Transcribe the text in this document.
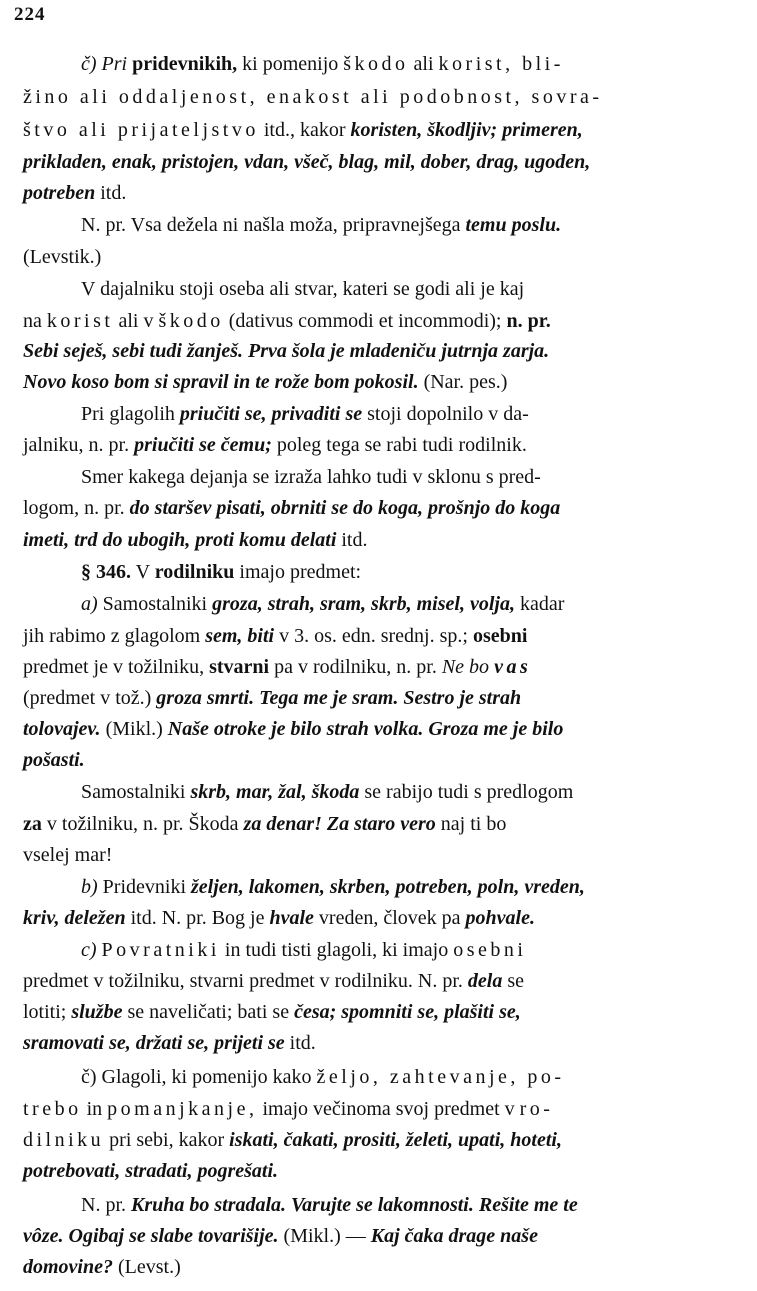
224
č) Pri pridevnikih, ki pomenijo škodo ali korist, bli-
žino ali oddaljenost, enakost ali podobnost, sovra-
štvo ali prijateljstvo itd., kakor koristen, škodljiv; primeren,
prikladen, enak, pristojen, vdan, všeč, blag, mil, dober, drag, ugoden,
potreben itd.
N. pr. Vsa dežela ni našla moža, pripravnejšega temu poslu.
(Levstik.)
V dajalniku stoji oseba ali stvar, kateri se godi ali je kaj
na korist ali v škodo (dativus commodi et incommodi); n. pr.
Sebi seješ, sebi tudi žanješ. Prva šola je mladeniču jutrnja zarja.
Novo koso bom si spravil in te rože bom pokosil. (Nar. pes.)
Pri glagolih priučiti se, privaditi se stoji dopolnilo v da-
jalniku, n. pr. priučiti se čemu; poleg tega se rabi tudi rodilnik.
Smer kakega dejanja se izraža lahko tudi v sklonu s pred-
logom, n. pr. do staršev pisati, obrniti se do koga, prošnjo do koga
imeti, trd do ubogih, proti komu delati itd.
§ 346. V rodilniku imajo predmet:
a) Samostalniki groza, strah, sram, skrb, misel, volja, kadar
jih rabimo z glagolom sem, biti v 3. os. edn. srednj. sp.; osebni
predmet je v tožilniku, stvarni pa v rodilniku, n. pr. Ne bo vas
(predmet v tož.) groza smrti. Tega me je sram. Sestro je strah
tolovajev. (Mikl.) Naše otroke je bilo strah volka. Groza me je bilo
pošasti.
Samostalniki skrb, mar, žal, škoda se rabijo tudi s predlogom
za v tožilniku, n. pr. Škoda za denar! Za staro vero naj ti bo
vselej mar!
b) Pridevniki željen, lakomen, skrben, potreben, poln, vreden,
kriv, deležen itd. N. pr. Bog je hvale vreden, človek pa pohvale.
c) Povratniki in tudi tisti glagoli, ki imajo osebni
predmet v tožilniku, stvarni predmet v rodilniku. N. pr. dela se
lotiti; službe se naveličati; bati se česa; spomniti se, plašiti se,
sramovati se, držati se, prijeti se itd.
č) Glagoli, ki pomenijo kako željo, zahtevanje, po-
trebo in pomanjkanje, imajo večinoma svoj predmet v ro-
dilniku pri sebi, kakor iskati, čakati, prositi, želeti, upati, hoteti,
potrebovati, stradati, pogrešati.
N. pr. Kruha bo stradala. Varujte se lakomnosti. Rešite me te
vôze. Ogibaj se slabe tovarišije. (Mikl.) — Kaj čaka drage naše
domovine? (Levst.)
